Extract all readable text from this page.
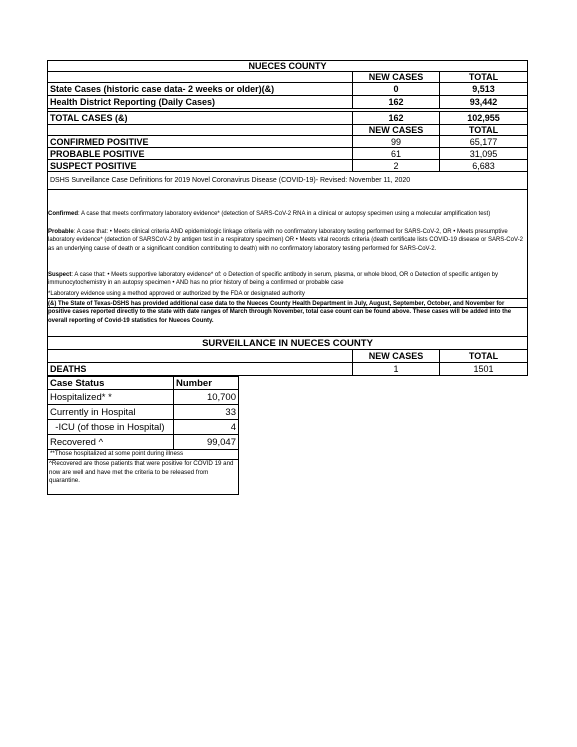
NUECES COUNTY
NEW CASES	TOTAL
State Cases (historic case data- 2 weeks or older)(&)	0	9,513
Health District Reporting (Daily Cases)	162	93,442
TOTAL CASES (&)	162	102,955
NEW CASES	TOTAL
CONFIRMED POSITIVE	99	65,177
PROBABLE POSITIVE	61	31,095
SUSPECT POSITIVE	2	6,683
DSHS Surveillance Case Definitions for 2019 Novel Coronavirus Disease (COVID-19)- Revised: November 11, 2020
Confirmed: A case that meets confirmatory laboratory evidence* (detection of SARS-CoV-2 RNA in a clinical or autopsy specimen using a molecular amplification test)
Probable: A case that: • Meets clinical criteria AND epidemiologic linkage criteria with no confirmatory laboratory testing performed for SARS-CoV-2, OR • Meets presumptive laboratory evidence* (detection of SARSCoV-2 by antigen test in a respiratory specimen) OR • Meets vital records criteria (death certificate lists COVID-19 disease or SARS-CoV-2 as an underlying cause of death or a significant condition contributing to death) with no confirmatory laboratory testing performed for SARS-CoV-2.
Suspect: A case that: • Meets supportive laboratory evidence* of: o Detection of specific antibody in serum, plasma, or whole blood, OR o Detection of specific antigen by immunocytochemistry in an autopsy specimen • AND has no prior history of being a confirmed or probable case
*Laboratory evidence using a method approved or authorized by the FDA or designated authority
(&) The State of Texas-DSHS has provided additional case data to the Nueces County Health Department in July, August, September, October, and November for positive cases reported directly to the state with date ranges of March through November, total case count can be found above. These cases will be added into the overall reporting of Covid-19 statistics for Nueces County.
SURVEILLANCE IN NUECES COUNTY
NEW CASES	TOTAL
DEATHS	1	1501
Case Status	Number
Hospitalized* *	10,700
Currently in Hospital	33
-ICU (of those in Hospital)	4
Recovered ^	99,047
**Those hospitalized at some point during illness
^Recovered are those patients that were positive for COVID 19 and now are well and have met the criteria to be released from quarantine.
